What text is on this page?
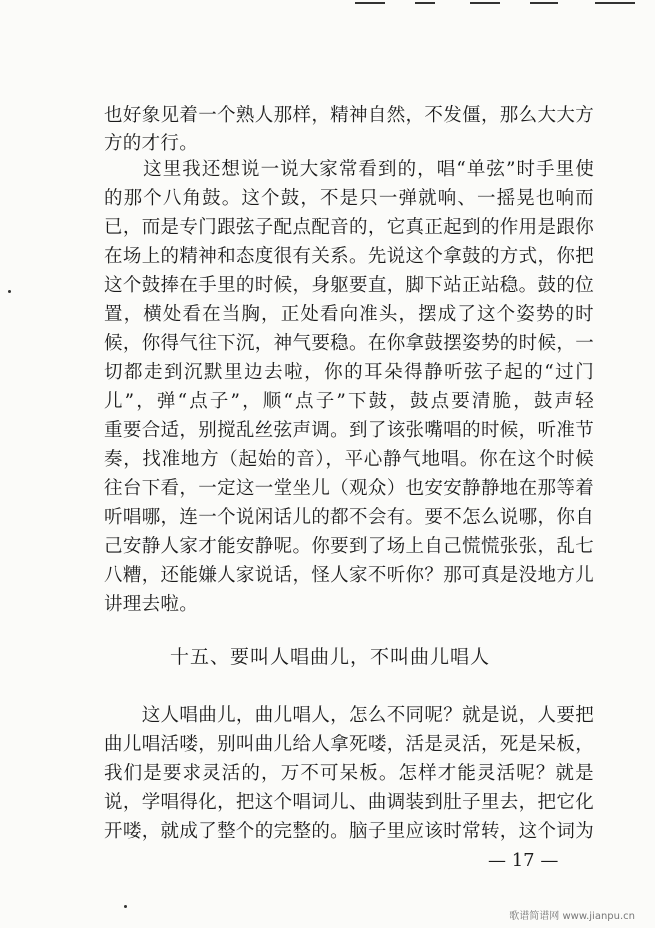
也好象见着一个熟人那样，精神自然，不发僵，那么大大方
方的才行。
　　这里我还想说一说大家常看到的，唱“单弦”时手里使
的那个八角鼓。这个鼓，不是只一弹就响、一摇晃也响而
已，而是专门跟弦子配点配音的，它真正起到的作用是跟你
在场上的精神和态度很有关系。先说这个拿鼓的方式，你把
这个鼓捧在手里的时候，身躯要直，脚下站正站稳。鼓的位
置，横处看在当胸，正处看向准头，摆成了这个姿势的时
候，你得气往下沉，神气要稳。在你拿鼓摆姿势的时候，一
切都走到沉默里边去啦，你的耳朵得静听弦子起的“过门
儿”，弹“点子”，顺“点子”下鼓，鼓点要清脆，鼓声轻
重要合适，别搅乱丝弦声调。到了该张嘴唱的时候，听准节
奏，找准地方（起始的音），平心静气地唱。你在这个时候
往台下看，一定这一堂坐儿（观众）也安安静静地在那等着
听唱哪，连一个说闲话儿的都不会有。要不怎么说哪，你自
己安静人家才能安静呢。你要到了场上自己慌慌张张，乱七
八糟，还能嫌人家说话，怪人家不听你？那可真是没地方儿
讲理去啦。
十五、要叫人唱曲儿，不叫曲儿唱人
　　这人唱曲儿，曲儿唱人，怎么不同呢？就是说，人要把
曲儿唱活喽，别叫曲儿给人拿死喽，活是灵活，死是呆板，
我们是要求灵活的，万不可呆板。怎样才能灵活呢？就是
说，学唱得化，把这个唱词儿、曲调装到肚子里去，把它化
开喽，就成了整个的完整的。脑子里应该时常转，这个词为
— 17 —
歌谱简谱网 www.jianpu.cn
